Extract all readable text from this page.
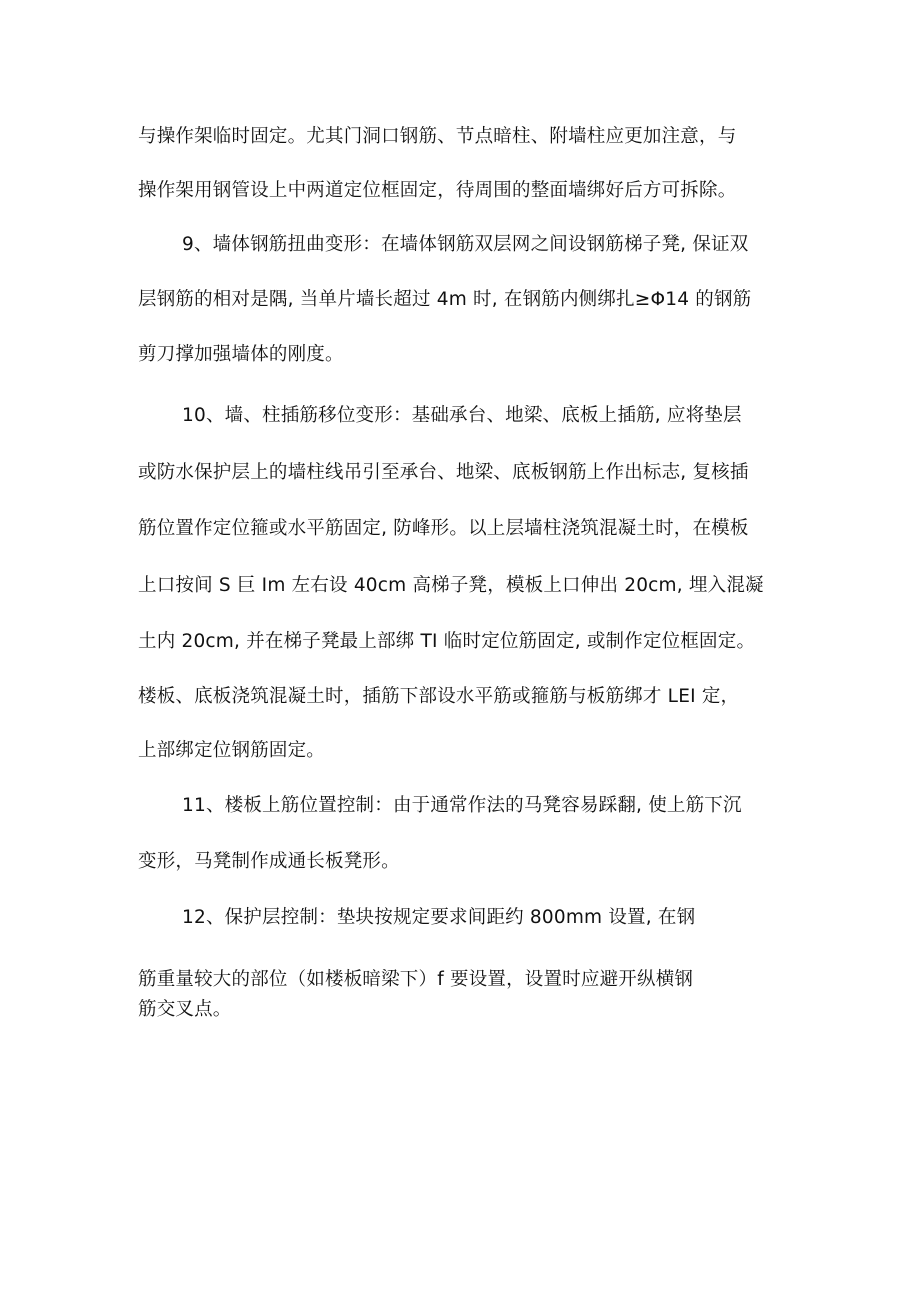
与操作架临时固定。尤其门洞口钢筋、节点暗柱、附墙柱应更加注意，与
操作架用钢管设上中两道定位框固定，待周围的整面墙绑好后方可拆除。
9、墙体钢筋扭曲变形：在墙体钢筋双层网之间设钢筋梯子凳, 保证双
层钢筋的相对是隅, 当单片墙长超过 4m 时, 在钢筋内侧绑扎≥Φ14 的钢筋
剪刀撑加强墙体的刚度。
10、墙、柱插筋移位变形：基础承台、地梁、底板上插筋, 应将垫层
或防水保护层上的墙柱线吊引至承台、地梁、底板钢筋上作出标志, 复核插
筋位置作定位箍或水平筋固定, 防峰形。以上层墙柱浇筑混凝土时，在模板
上口按间 S 巨 Im 左右设 40cm 高梯子凳，模板上口伸出 20cm, 埋入混凝
土内 20cm, 并在梯子凳最上部绑 TI 临时定位筋固定, 或制作定位框固定。
楼板、底板浇筑混凝土时，插筋下部设水平筋或箍筋与板筋绑才 LEI 定，
上部绑定位钢筋固定。
11、楼板上筋位置控制：由于通常作法的马凳容易踩翻, 使上筋下沉
变形，马凳制作成通长板凳形。
12、保护层控制：垫块按规定要求间距约 800mm 设置, 在钢
筋重量较大的部位（如楼板暗梁下）f 要设置，设置时应避开纵横钢
筋交叉点。
